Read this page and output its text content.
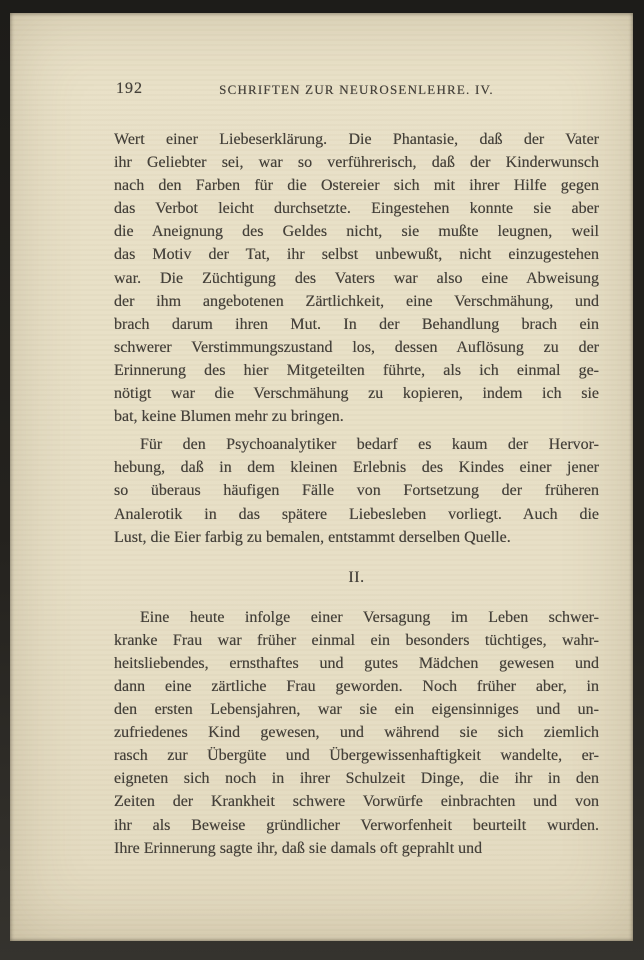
192	SCHRIFTEN ZUR NEUROSENLEHRE. IV.
Wert einer Liebeserklärung. Die Phantasie, daß der Vater
ihr Geliebter sei, war so verführerisch, daß der Kinderwunsch
nach den Farben für die Ostereier sich mit ihrer Hilfe gegen
das Verbot leicht durchsetzte. Eingestehen konnte sie aber
die Aneignung des Geldes nicht, sie mußte leugnen, weil
das Motiv der Tat, ihr selbst unbewußt, nicht einzugestehen
war. Die Züchtigung des Vaters war also eine Abweisung
der ihm angebotenen Zärtlichkeit, eine Verschmähung, und
brach darum ihren Mut. In der Behandlung brach ein
schwerer Verstimmungszustand los, dessen Auflösung zu der
Erinnerung des hier Mitgeteilten führte, als ich einmal ge-
nötigt war die Verschmähung zu kopieren, indem ich sie
bat, keine Blumen mehr zu bringen.
Für den Psychoanalytiker bedarf es kaum der Hervor-
hebung, daß in dem kleinen Erlebnis des Kindes einer jener
so überaus häufigen Fälle von Fortsetzung der früheren
Analerotik in das spätere Liebesleben vorliegt. Auch die
Lust, die Eier farbig zu bemalen, entstammt derselben Quelle.
II.
Eine heute infolge einer Versagung im Leben schwer-
kranke Frau war früher einmal ein besonders tüchtiges, wahr-
heitsliebendes, ernsthaftes und gutes Mädchen gewesen und
dann eine zärtliche Frau geworden. Noch früher aber, in
den ersten Lebensjahren, war sie ein eigensinniges und un-
zufriedenes Kind gewesen, und während sie sich ziemlich
rasch zur Übergüte und Übergewissenhaftigkeit wandelte, er-
eigneten sich noch in ihrer Schulzeit Dinge, die ihr in den
Zeiten der Krankheit schwere Vorwürfe einbrachten und von
ihr als Beweise gründlicher Verworfenheit beurteilt wurden.
Ihre Erinnerung sagte ihr, daß sie damals oft geprahlt und
